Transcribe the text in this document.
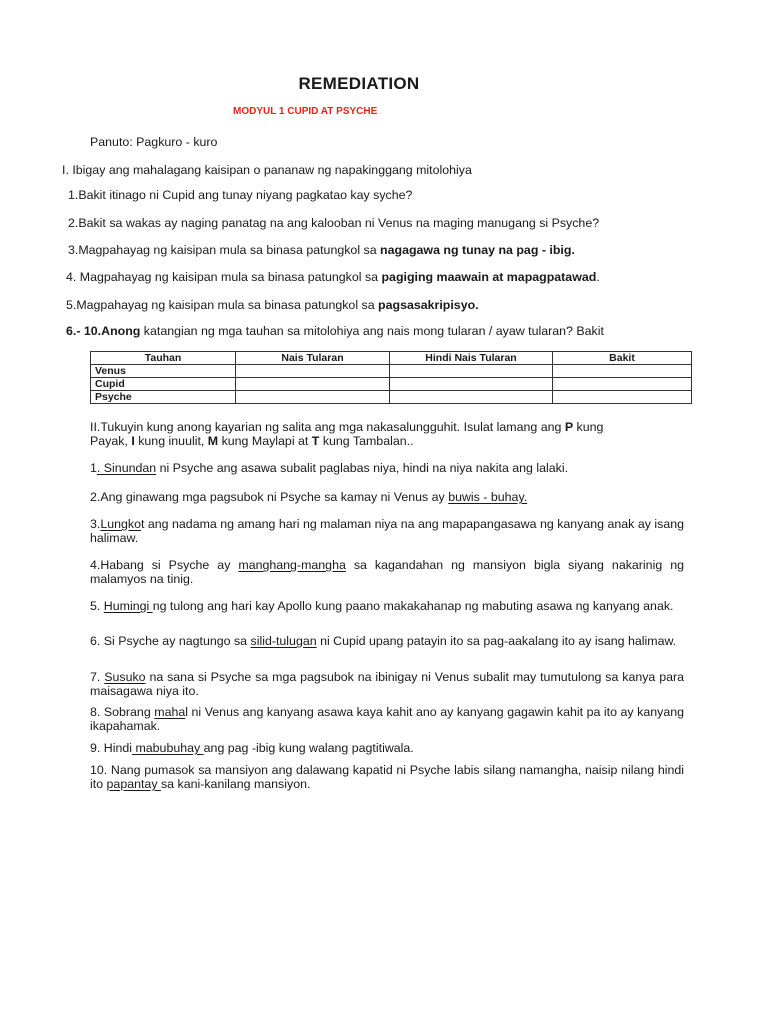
REMEDIATION
MODYUL 1 CUPID AT PSYCHE
Panuto: Pagkuro - kuro
I. Ibigay ang mahalagang kaisipan o pananaw ng napakinggang mitolohiya
1.Bakit itinago ni Cupid ang tunay niyang pagkatao kay syche?
2.Bakit sa wakas ay naging panatag na ang kalooban ni Venus na maging manugang si Psyche?
3.Magpahayag ng kaisipan mula sa binasa patungkol sa nagagawa ng tunay na pag - ibig.
4. Magpahayag ng kaisipan mula sa binasa patungkol sa pagiging maawain at mapagpatawad.
5.Magpahayag ng kaisipan mula sa binasa patungkol sa pagsasakripisyo.
6.- 10.Anong katangian ng mga tauhan sa mitolohiya ang nais mong tularan / ayaw tularan? Bakit
Tauhan	Nais Tularan	Hindi Nais Tularan	Bakit
Venus			
Cupid			
Psyche			
II.Tukuyin kung anong kayarian ng salita ang mga nakasalungguhit. Isulat lamang ang P kung
Payak, I kung inuulit, M kung Maylapi at T kung Tambalan..
1. Sinundan ni Psyche ang asawa subalit paglabas niya, hindi na niya nakita ang lalaki.
2.Ang ginawang mga pagsubok ni Psyche sa kamay ni Venus ay buwis - buhay.
3.Lungkot ang nadama ng amang hari ng malaman niya na ang mapapangasawa ng kanyang anak ay isang halimaw.
4.Habang si Psyche ay manghang-mangha sa kagandahan ng mansiyon bigla siyang nakarinig ng malamyos na tinig.
5. Humingi ng tulong ang hari kay Apollo kung paano makakahanap ng mabuting asawa ng kanyang anak.
6. Si Psyche ay nagtungo sa silid-tulugan ni Cupid upang patayin ito sa pag-aakalang ito ay isang halimaw.
7. Susuko na sana si Psyche sa mga pagsubok na ibinigay ni Venus subalit may tumutulong sa kanya para maisagawa niya ito.
8. Sobrang mahal ni Venus ang kanyang asawa kaya kahit ano ay kanyang gagawin kahit pa ito ay kanyang ikapahamak.
9. Hindi mabubuhay ang pag -ibig kung walang pagtitiwala.
10. Nang pumasok sa mansiyon ang dalawang kapatid ni Psyche labis silang namangha, naisip nilang hindi ito papantay sa kani-kanilang mansiyon.
